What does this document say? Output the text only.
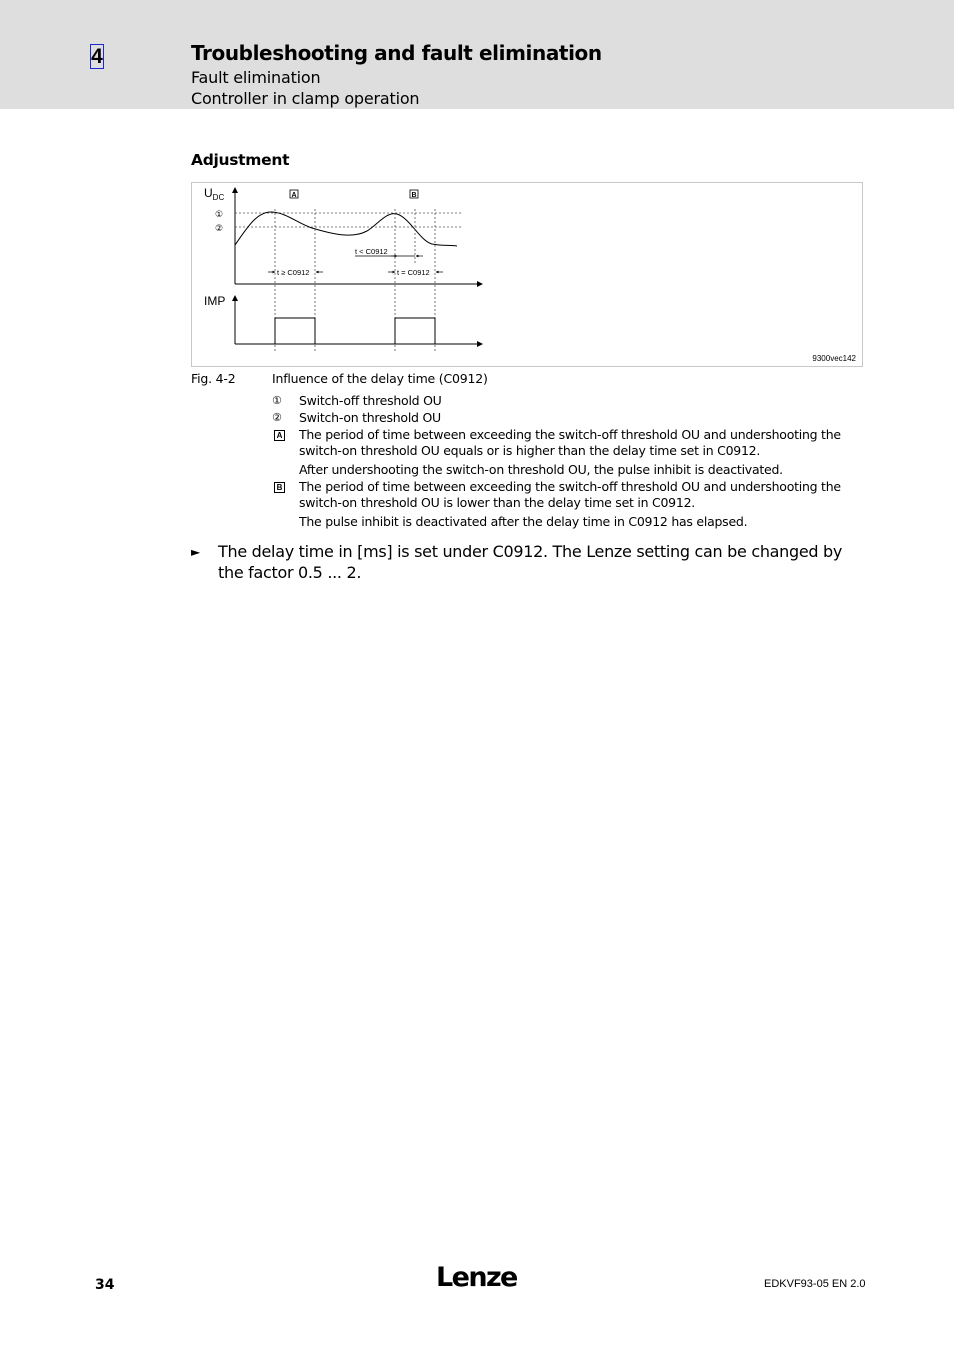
4	Troubleshooting and fault elimination
Fault elimination
Controller in clamp operation
Adjustment
A	B
$U_{DC}$
①
②
IMP
t ≥ C0912
t < C0912
t = C0912
9300vec142
Fig. 4-2	Influence of the delay time (C0912)
①	Switch-off threshold OU
②	Switch-on threshold OU
A The period of time between exceeding the switch-off threshold OU and undershooting the switch-on threshold OU equals or is higher than the delay time set in C0912.
After undershooting the switch-on threshold OU, the pulse inhibit is deactivated.
B The period of time between exceeding the switch-off threshold OU and undershooting the switch-on threshold OU is lower than the delay time set in C0912.
The pulse inhibit is deactivated after the delay time in C0912 has elapsed.
► The delay time in [ms] is set under C0912. The Lenze setting can be changed by the factor 0.5 ... 2.
34	Lenze	EDKVF93-05 EN 2.0
